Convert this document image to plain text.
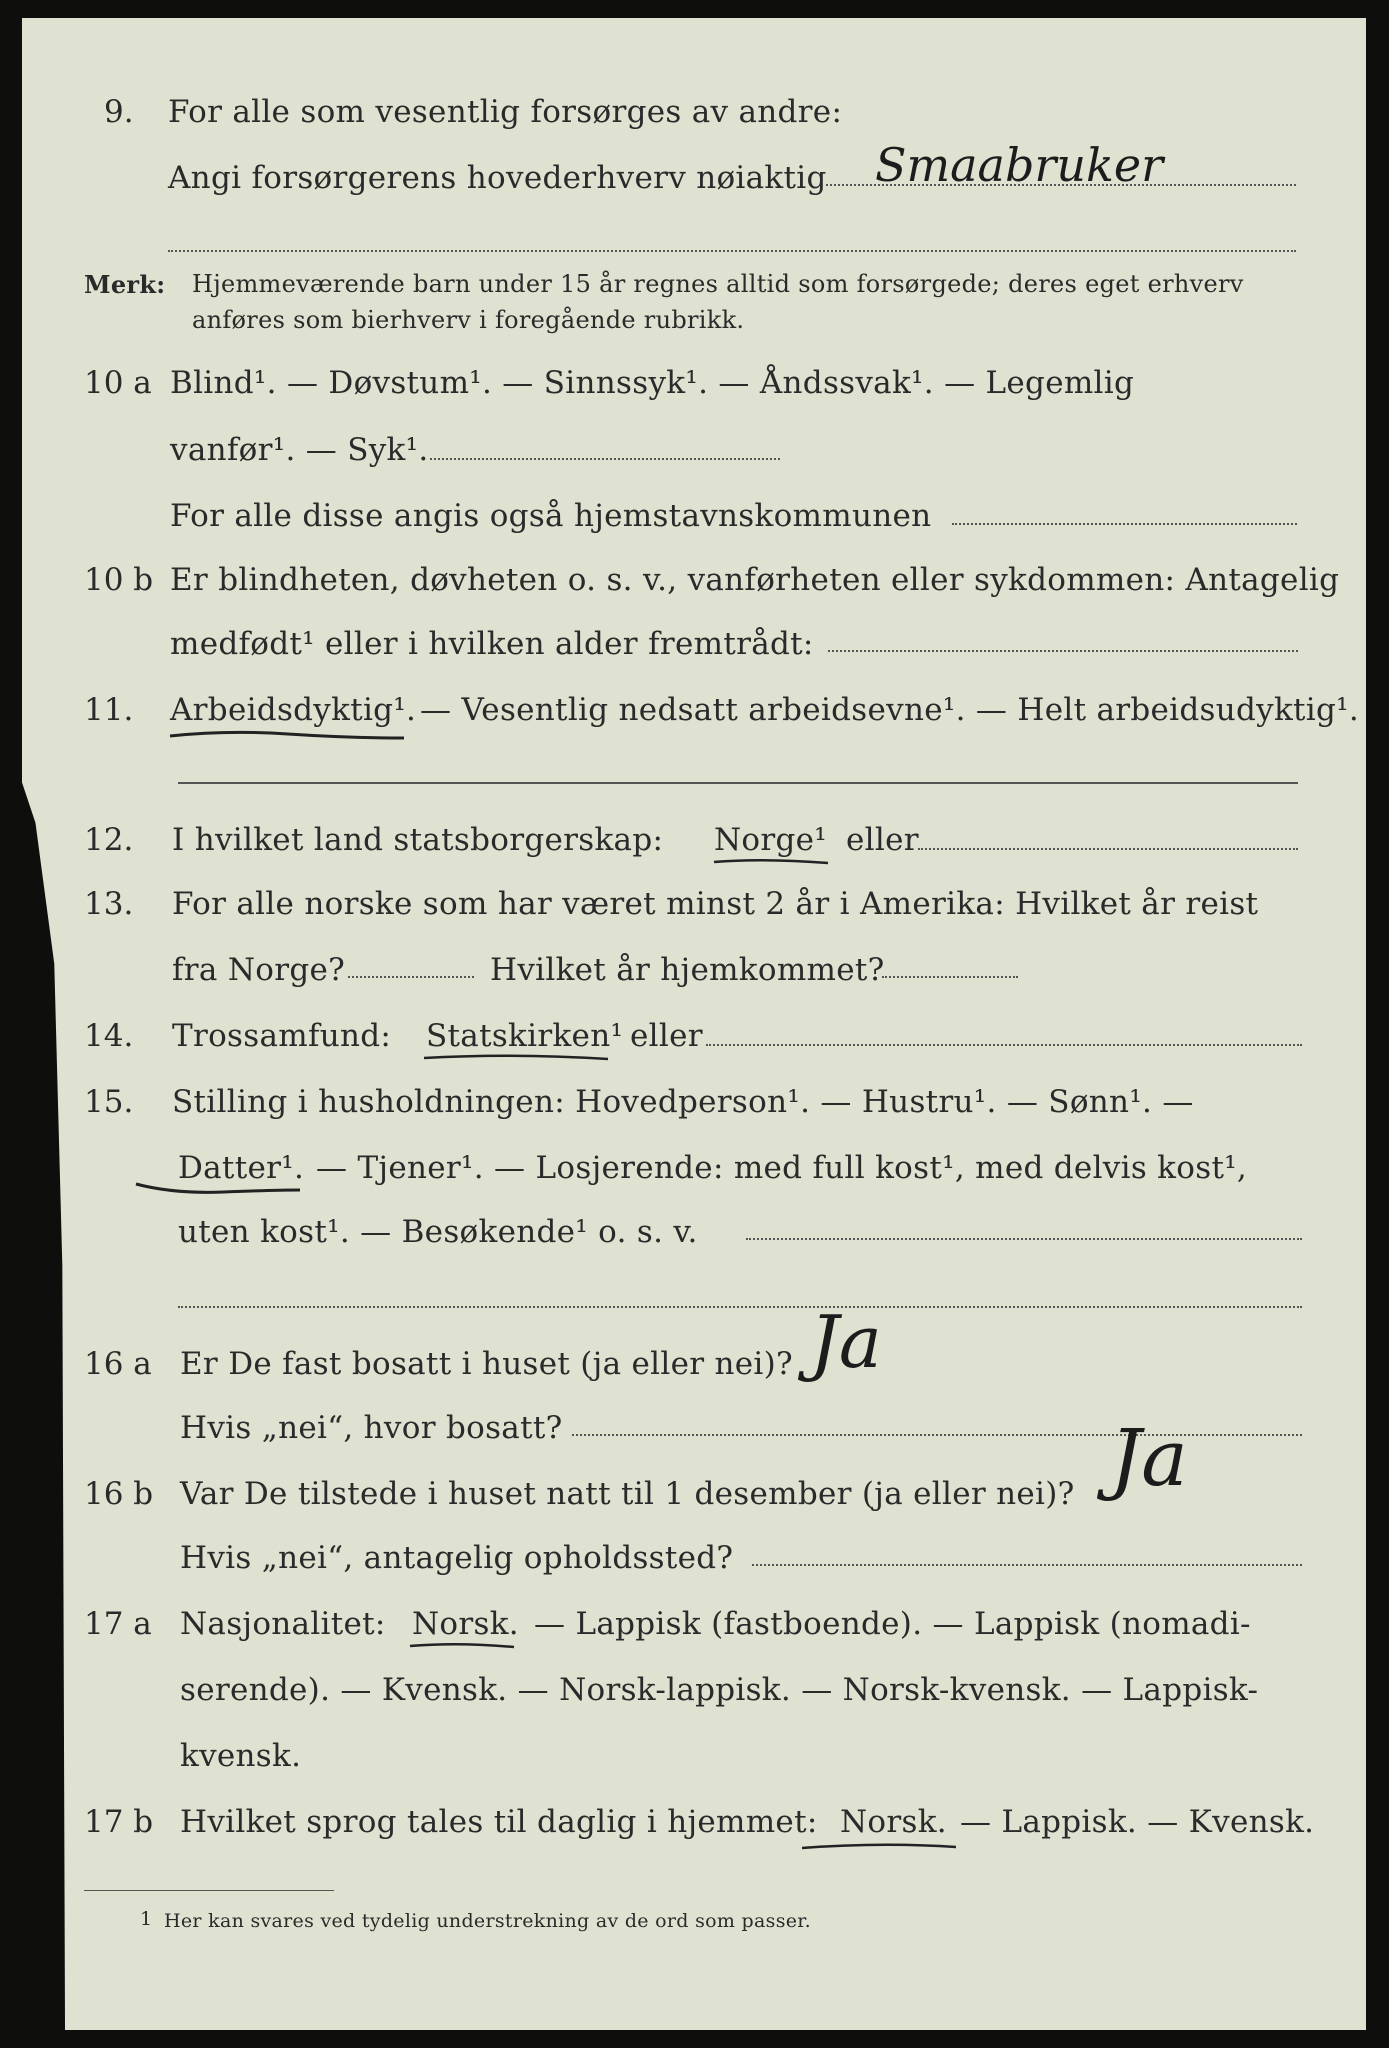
9. For alle som vesentlig forsørges av andre:
Angi forsørgerens hovederhverv nøiaktig Smaabruker
Merk: Hjemmeværende barn under 15 år regnes alltid som forsørgede; deres eget erhverv
anføres som bierhverv i foregående rubrikk.
10 a Blind¹. — Døvstum¹. — Sinnssyk¹. — Åndssvak¹. — Legemlig
vanfør¹. — Syk¹.
For alle disse angis også hjemstavnskommunen
10 b Er blindheten, døvheten o. s. v., vanførheten eller sykdommen: Antagelig
medfødt¹ eller i hvilken alder fremtrådt:
11. Arbeidsdyktig¹. — Vesentlig nedsatt arbeidsevne¹. — Helt arbeidsudyktig¹.
12. I hvilket land statsborgerskap: Norge¹ eller
13. For alle norske som har været minst 2 år i Amerika: Hvilket år reist
fra Norge?	Hvilket år hjemkommet?
14. Trossamfund: Statskirken¹ eller
15. Stilling i husholdningen: Hovedperson¹. — Hustru¹. — Sønn¹. —
Datter¹. — Tjener¹. — Losjerende: med full kost¹, med delvis kost¹,
uten kost¹. — Besøkende¹ o. s. v.
16 a Er De fast bosatt i huset (ja eller nei)? Ja
Hvis „nei“, hvor bosatt?
16 b Var De tilstede i huset natt til 1 desember (ja eller nei)? Ja
Hvis „nei“, antagelig opholdssted?
17 a Nasjonalitet: Norsk. — Lappisk (fastboende). — Lappisk (nomadi-
serende). — Kvensk. — Norsk-lappisk. — Norsk-kvensk. — Lappisk-
kvensk.
17 b Hvilket sprog tales til daglig i hjemmet: Norsk. — Lappisk. — Kvensk.
1 Her kan svares ved tydelig understrekning av de ord som passer.
